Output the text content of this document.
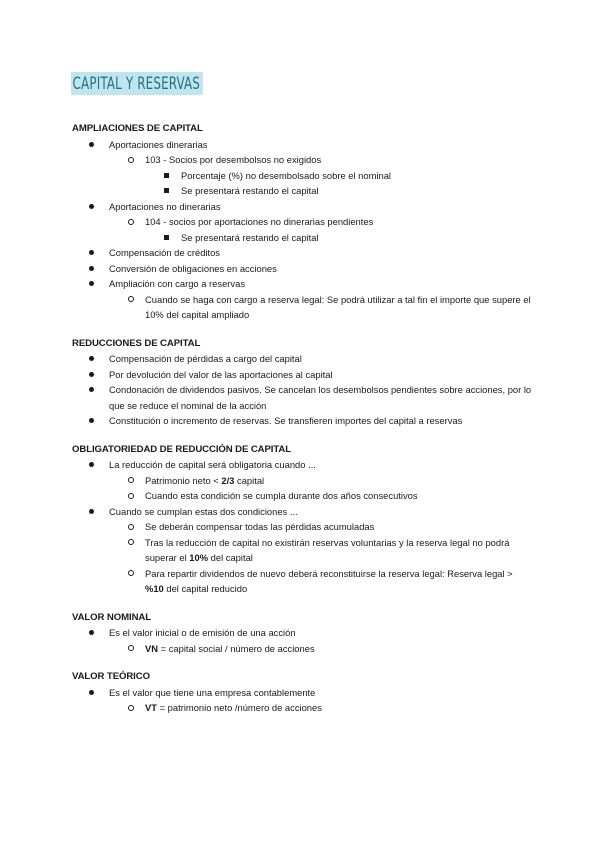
CAPITAL Y RESERVAS
AMPLIACIONES DE CAPITAL
Aportaciones dinerarias
103 - Socios por desembolsos no exigidos
Porcentaje (%) no desembolsado sobre el nominal
Se presentará restando el capital
Aportaciones no dinerarias
104 - socios por aportaciones no dinerarias pendientes
Se presentará restando el capital
Compensación de créditos
Conversión de obligaciones en acciones
Ampliación con cargo a reservas
Cuando se haga con cargo a reserva legal: Se podrá utilizar a tal fin el importe que supere el 10% del capital ampliado
REDUCCIONES DE CAPITAL
Compensación de pérdidas a cargo del capital
Por devolución del valor de las aportaciones al capital
Condonación de dividendos pasivos. Se cancelan los desembolsos pendientes sobre acciones, por lo que se reduce el nominal de la acción
Constitución o incremento de reservas. Se transfieren importes del capital a reservas
OBLIGATORIEDAD DE REDUCCIÓN DE CAPITAL
La reducción de capital será obligatoria cuando ...
Patrimonio neto < 2/3 capital
Cuando esta condición se cumpla durante dos años consecutivos
Cuando se cumplan estas dos condiciones ...
Se deberán compensar todas las pérdidas acumuladas
Tras la reducción de capital no existirán reservas voluntarias y la reserva legal no podrá superar el 10% del capital
Para repartir dividendos de nuevo deberá reconstituirse la reserva legal: Reserva legal > %10 del capital reducido
VALOR NOMINAL
Es el valor inicial o de emisión de una acción
VN = capital social / número de acciones
VALOR TEÓRICO
Es el valor que tiene una empresa contablemente
VT = patrimonio neto /número de acciones
